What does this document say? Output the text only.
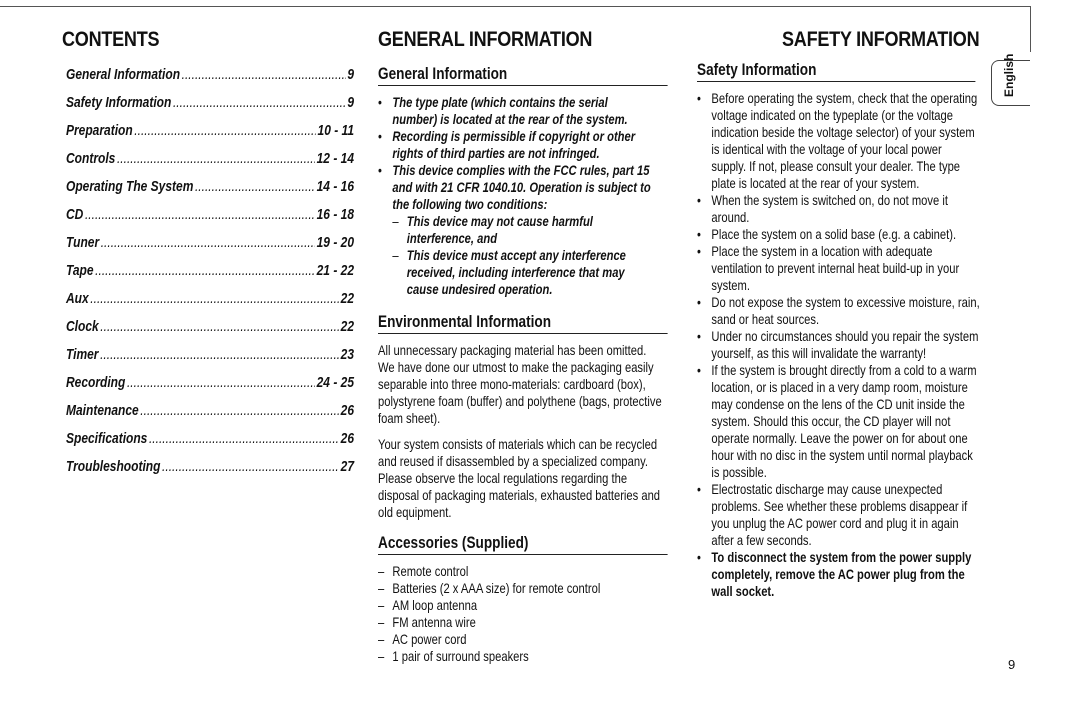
CONTENTS	GENERAL INFORMATION	SAFETY INFORMATION
General Information .....	9
Safety Information .....	9
Preparation .....	10 - 11
Controls .....	12 - 14
Operating The System .....	14 - 16
CD .....	16 - 18
Tuner .....	19 - 20
Tape .....	21 - 22
Aux .....	22
Clock .....	22
Timer .....	23
Recording .....	24 - 25
Maintenance .....	26
Specifications .....	26
Troubleshooting .....	27
General Information
• The type plate (which contains the serial
number) is located at the rear of the system.
• Recording is permissible if copyright or other
rights of third parties are not infringed.
• This device complies with the FCC rules, part 15
and with 21 CFR 1040.10. Operation is subject to
the following two conditions:
– This device may not cause harmful
interference, and
– This device must accept any interference
received, including interference that may
cause undesired operation.
Environmental Information
All unnecessary packaging material has been omitted.
We have done our utmost to make the packaging easily
separable into three mono-materials: cardboard (box),
polystyrene foam (buffer) and polythene (bags, protective
foam sheet).
Your system consists of materials which can be recycled
and reused if disassembled by a specialized company.
Please observe the local regulations regarding the
disposal of packaging materials, exhausted batteries and
old equipment.
Accessories (Supplied)
– Remote control
– Batteries (2 x AAA size) for remote control
– AM loop antenna
– FM antenna wire
– AC power cord
– 1 pair of surround speakers
Safety Information
• Before operating the system, check that the operating
voltage indicated on the typeplate (or the voltage
indication beside the voltage selector) of your system
is identical with the voltage of your local power
supply. If not, please consult your dealer. The type
plate is located at the rear of your system.
• When the system is switched on, do not move it
around.
• Place the system on a solid base (e.g. a cabinet).
• Place the system in a location with adequate
ventilation to prevent internal heat build-up in your
system.
• Do not expose the system to excessive moisture, rain,
sand or heat sources.
• Under no circumstances should you repair the system
yourself, as this will invalidate the warranty!
• If the system is brought directly from a cold to a warm
location, or is placed in a very damp room, moisture
may condense on the lens of the CD unit inside the
system. Should this occur, the CD player will not
operate normally. Leave the power on for about one
hour with no disc in the system until normal playback
is possible.
• Electrostatic discharge may cause unexpected
problems. See whether these problems disappear if
you unplug the AC power cord and plug it in again
after a few seconds.
• To disconnect the system from the power supply
completely, remove the AC power plug from the
wall socket.
English
9
